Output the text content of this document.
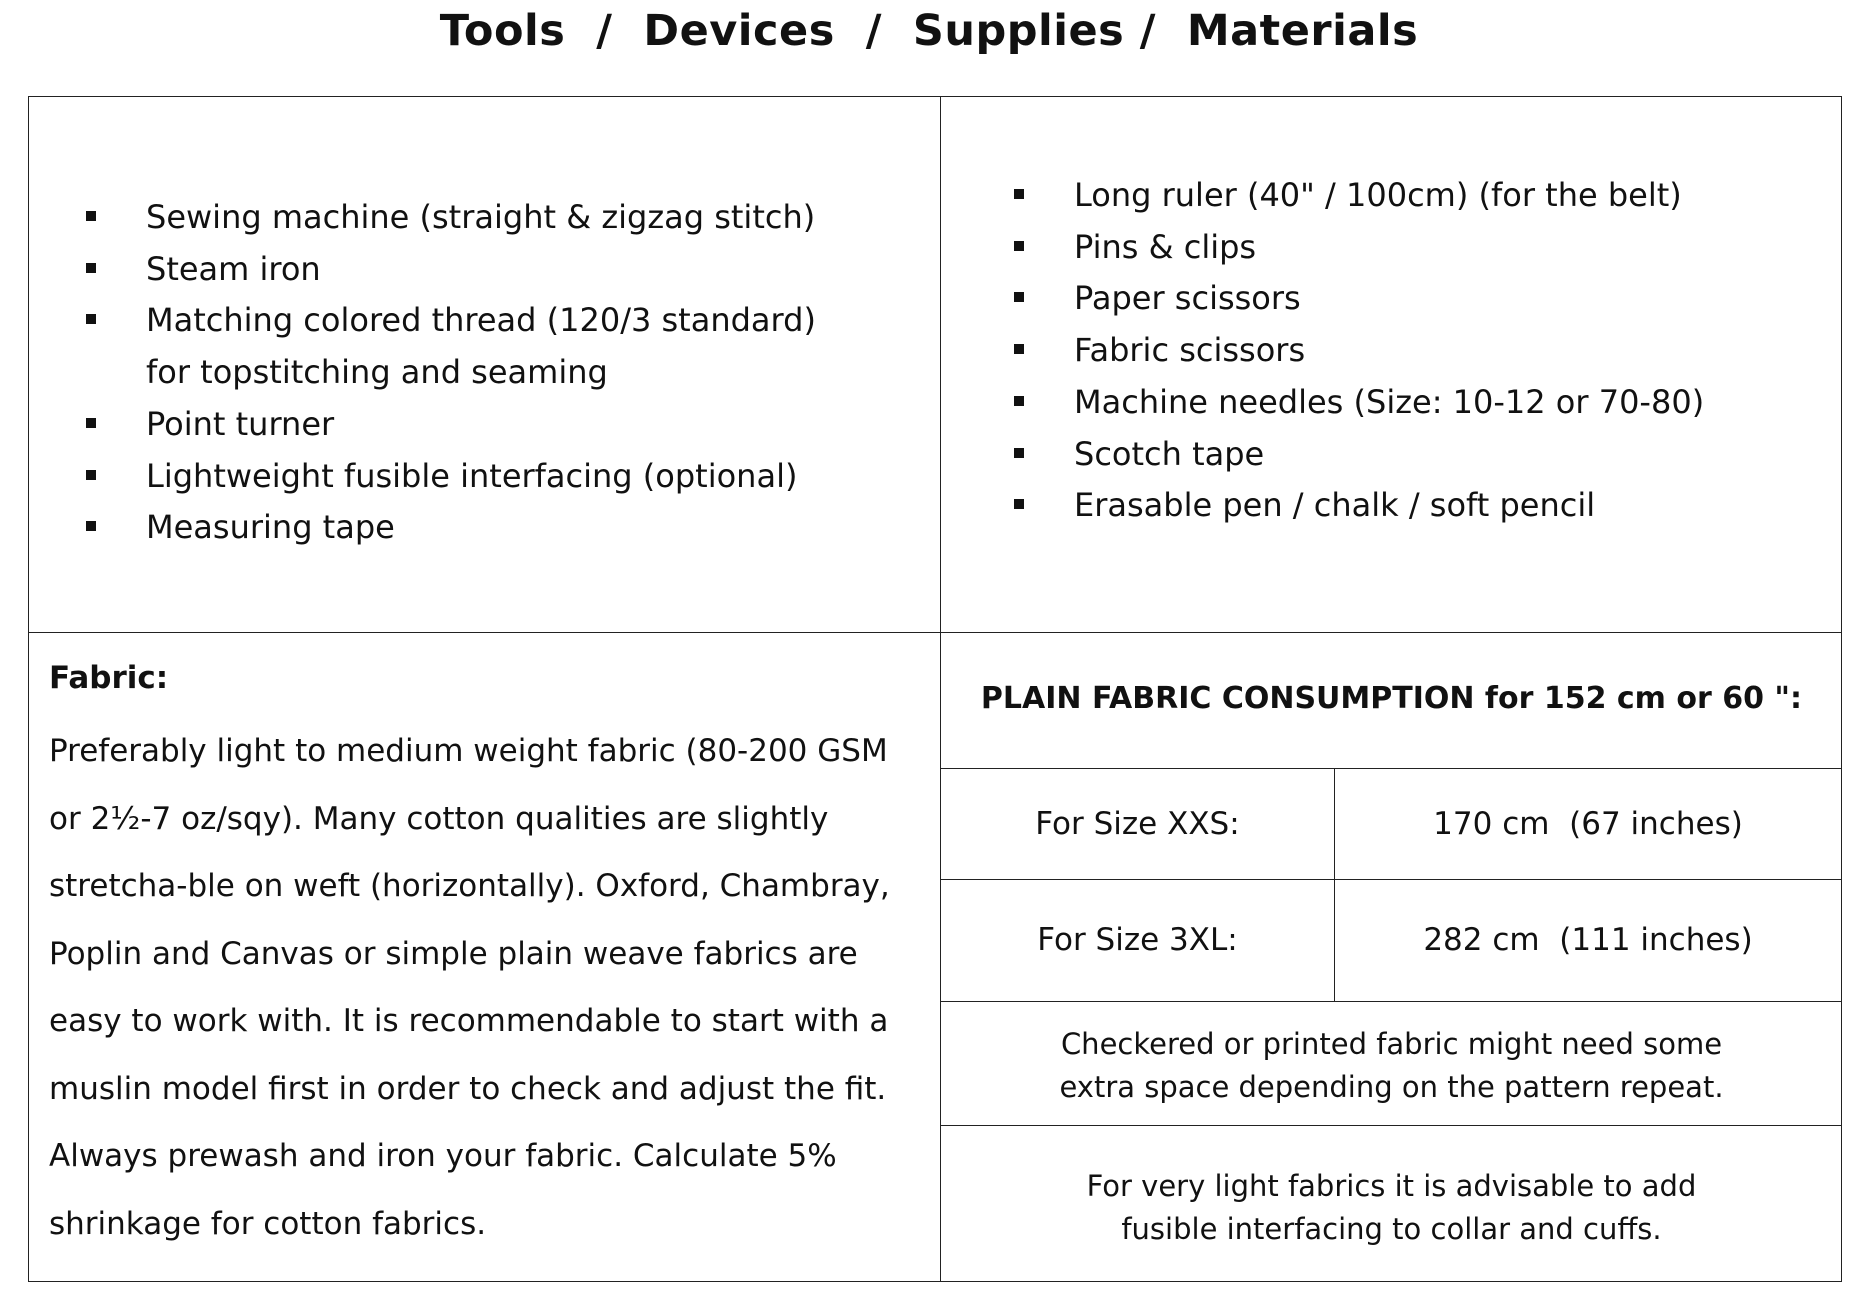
Tools  /  Devices  /  Supplies /  Materials
Sewing machine (straight & zigzag stitch)
Steam iron
Matching colored thread (120/3 standard) for topstitching and seaming
Point turner
Lightweight fusible interfacing (optional)
Measuring tape
Long ruler (40" / 100cm) (for the belt)
Pins & clips
Paper scissors
Fabric scissors
Machine needles (Size: 10-12 or 70-80)
Scotch tape
Erasable pen / chalk / soft pencil
Fabric:

Preferably light to medium weight fabric (80-200 GSM or 2½-7 oz/sqy). Many cotton qualities are slightly stretcha-ble on weft (horizontally). Oxford, Chambray, Poplin and Canvas or simple plain weave fabrics are easy to work with. It is recommendable to start with a muslin model first in order to check and adjust the fit. Always prewash and iron your fabric. Calculate 5% shrinkage for cotton fabrics.

PLAIN FABRIC CONSUMPTION for 152 cm or 60 ":
For Size XXS:	170 cm  (67 inches)
For Size 3XL:	282 cm  (111 inches)

Checkered or printed fabric might need some
extra space depending on the pattern repeat.

For very light fabrics it is advisable to add
fusible interfacing to collar and cuffs.
